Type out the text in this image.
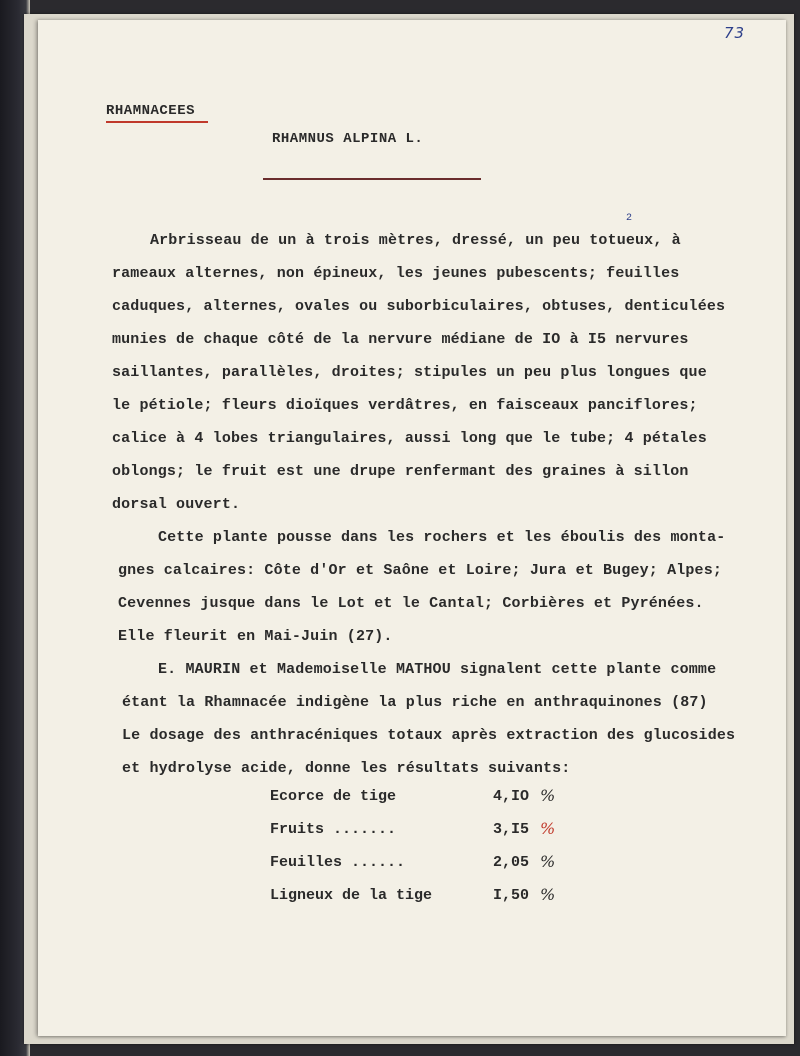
73
RHAMNACEES
RHAMNUS ALPINA L.
2
Arbrisseau de un à trois mètres, dressé, un peu totueux, à
rameaux alternes, non épineux, les jeunes pubescents; feuilles
caduques, alternes, ovales ou suborbiculaires, obtuses, denticulées
munies de chaque côté de la nervure médiane de IO à I5 nervures
saillantes, parallèles, droites; stipules un peu plus longues que
le pétiole; fleurs dioïques verdâtres, en faisceaux panciflores;
calice à 4 lobes triangulaires, aussi long que le tube; 4 pétales
oblongs; le fruit est une drupe renfermant des graines à sillon
dorsal ouvert.
Cette plante pousse dans les rochers et les éboulis des monta-
gnes calcaires: Côte d'Or et Saône et Loire; Jura et Bugey; Alpes;
Cevennes jusque dans le Lot et le Cantal; Corbières et Pyrénées.
Elle fleurit en Mai-Juin (27).
E. MAURIN et Mademoiselle MATHOU signalent cette plante comme
étant la Rhamnacée indigène la plus riche en anthraquinones (87)
Le dosage des anthracéniques totaux après extraction des glucosides
et hydrolyse acide, donne les résultats suivants:
Ecorce de tige	4,IO %
Fruits .......	3,I5 %
Feuilles ......	2,05 %
Ligneux de la tige	I,50 %
